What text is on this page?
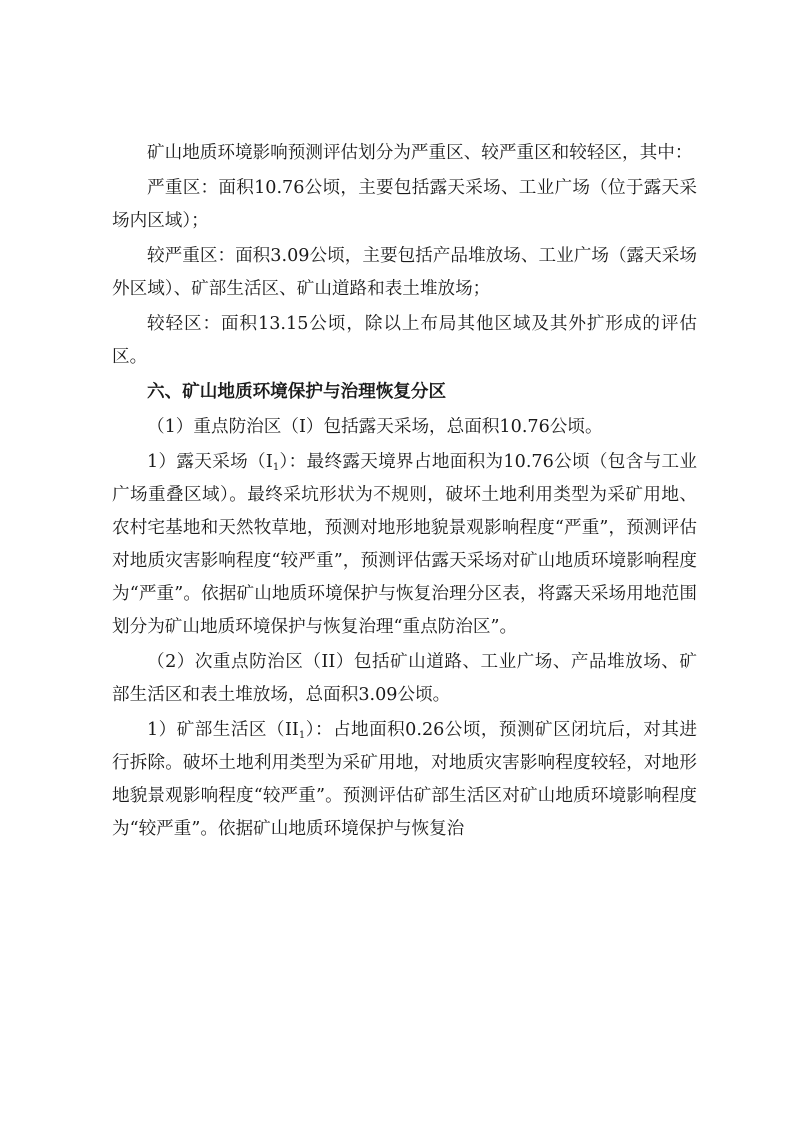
矿山地质环境影响预测评估划分为严重区、较严重区和较轻区，其中：

严重区：面积10.76公顷，主要包括露天采场、工业广场（位于露天采场内区域）；

较严重区：面积3.09公顷，主要包括产品堆放场、工业广场（露天采场外区域）、矿部生活区、矿山道路和表土堆放场；

较轻区：面积13.15公顷，除以上布局其他区域及其外扩形成的评估区。

六、矿山地质环境保护与治理恢复分区

（1）重点防治区（I）包括露天采场，总面积10.76公顷。

1）露天采场$(I_1)$：最终露天境界占地面积为10.76公顷（包含与工业广场重叠区域）。最终采坑形状为不规则，破坏土地利用类型为采矿用地、农村宅基地和天然牧草地，预测对地形地貌景观影响程度“严重”，预测评估对地质灾害影响程度“较严重”，预测评估露天采场对矿山地质环境影响程度为“严重”。依据矿山地质环境保护与恢复治理分区表，将露天采场用地范围划分为矿山地质环境保护与恢复治理“重点防治区”。

（2）次重点防治区（II）包括矿山道路、工业广场、产品堆放场、矿部生活区和表土堆放场，总面积3.09公顷。

1）矿部生活区$(II_1)$：占地面积0.26公顷，预测矿区闭坑后，对其进行拆除。破坏土地利用类型为采矿用地，对地质灾害影响程度较轻，对地形地貌景观影响程度“较严重”。预测评估矿部生活区对矿山地质环境影响程度为“较严重”。依据矿山地质环境保护与恢复治
